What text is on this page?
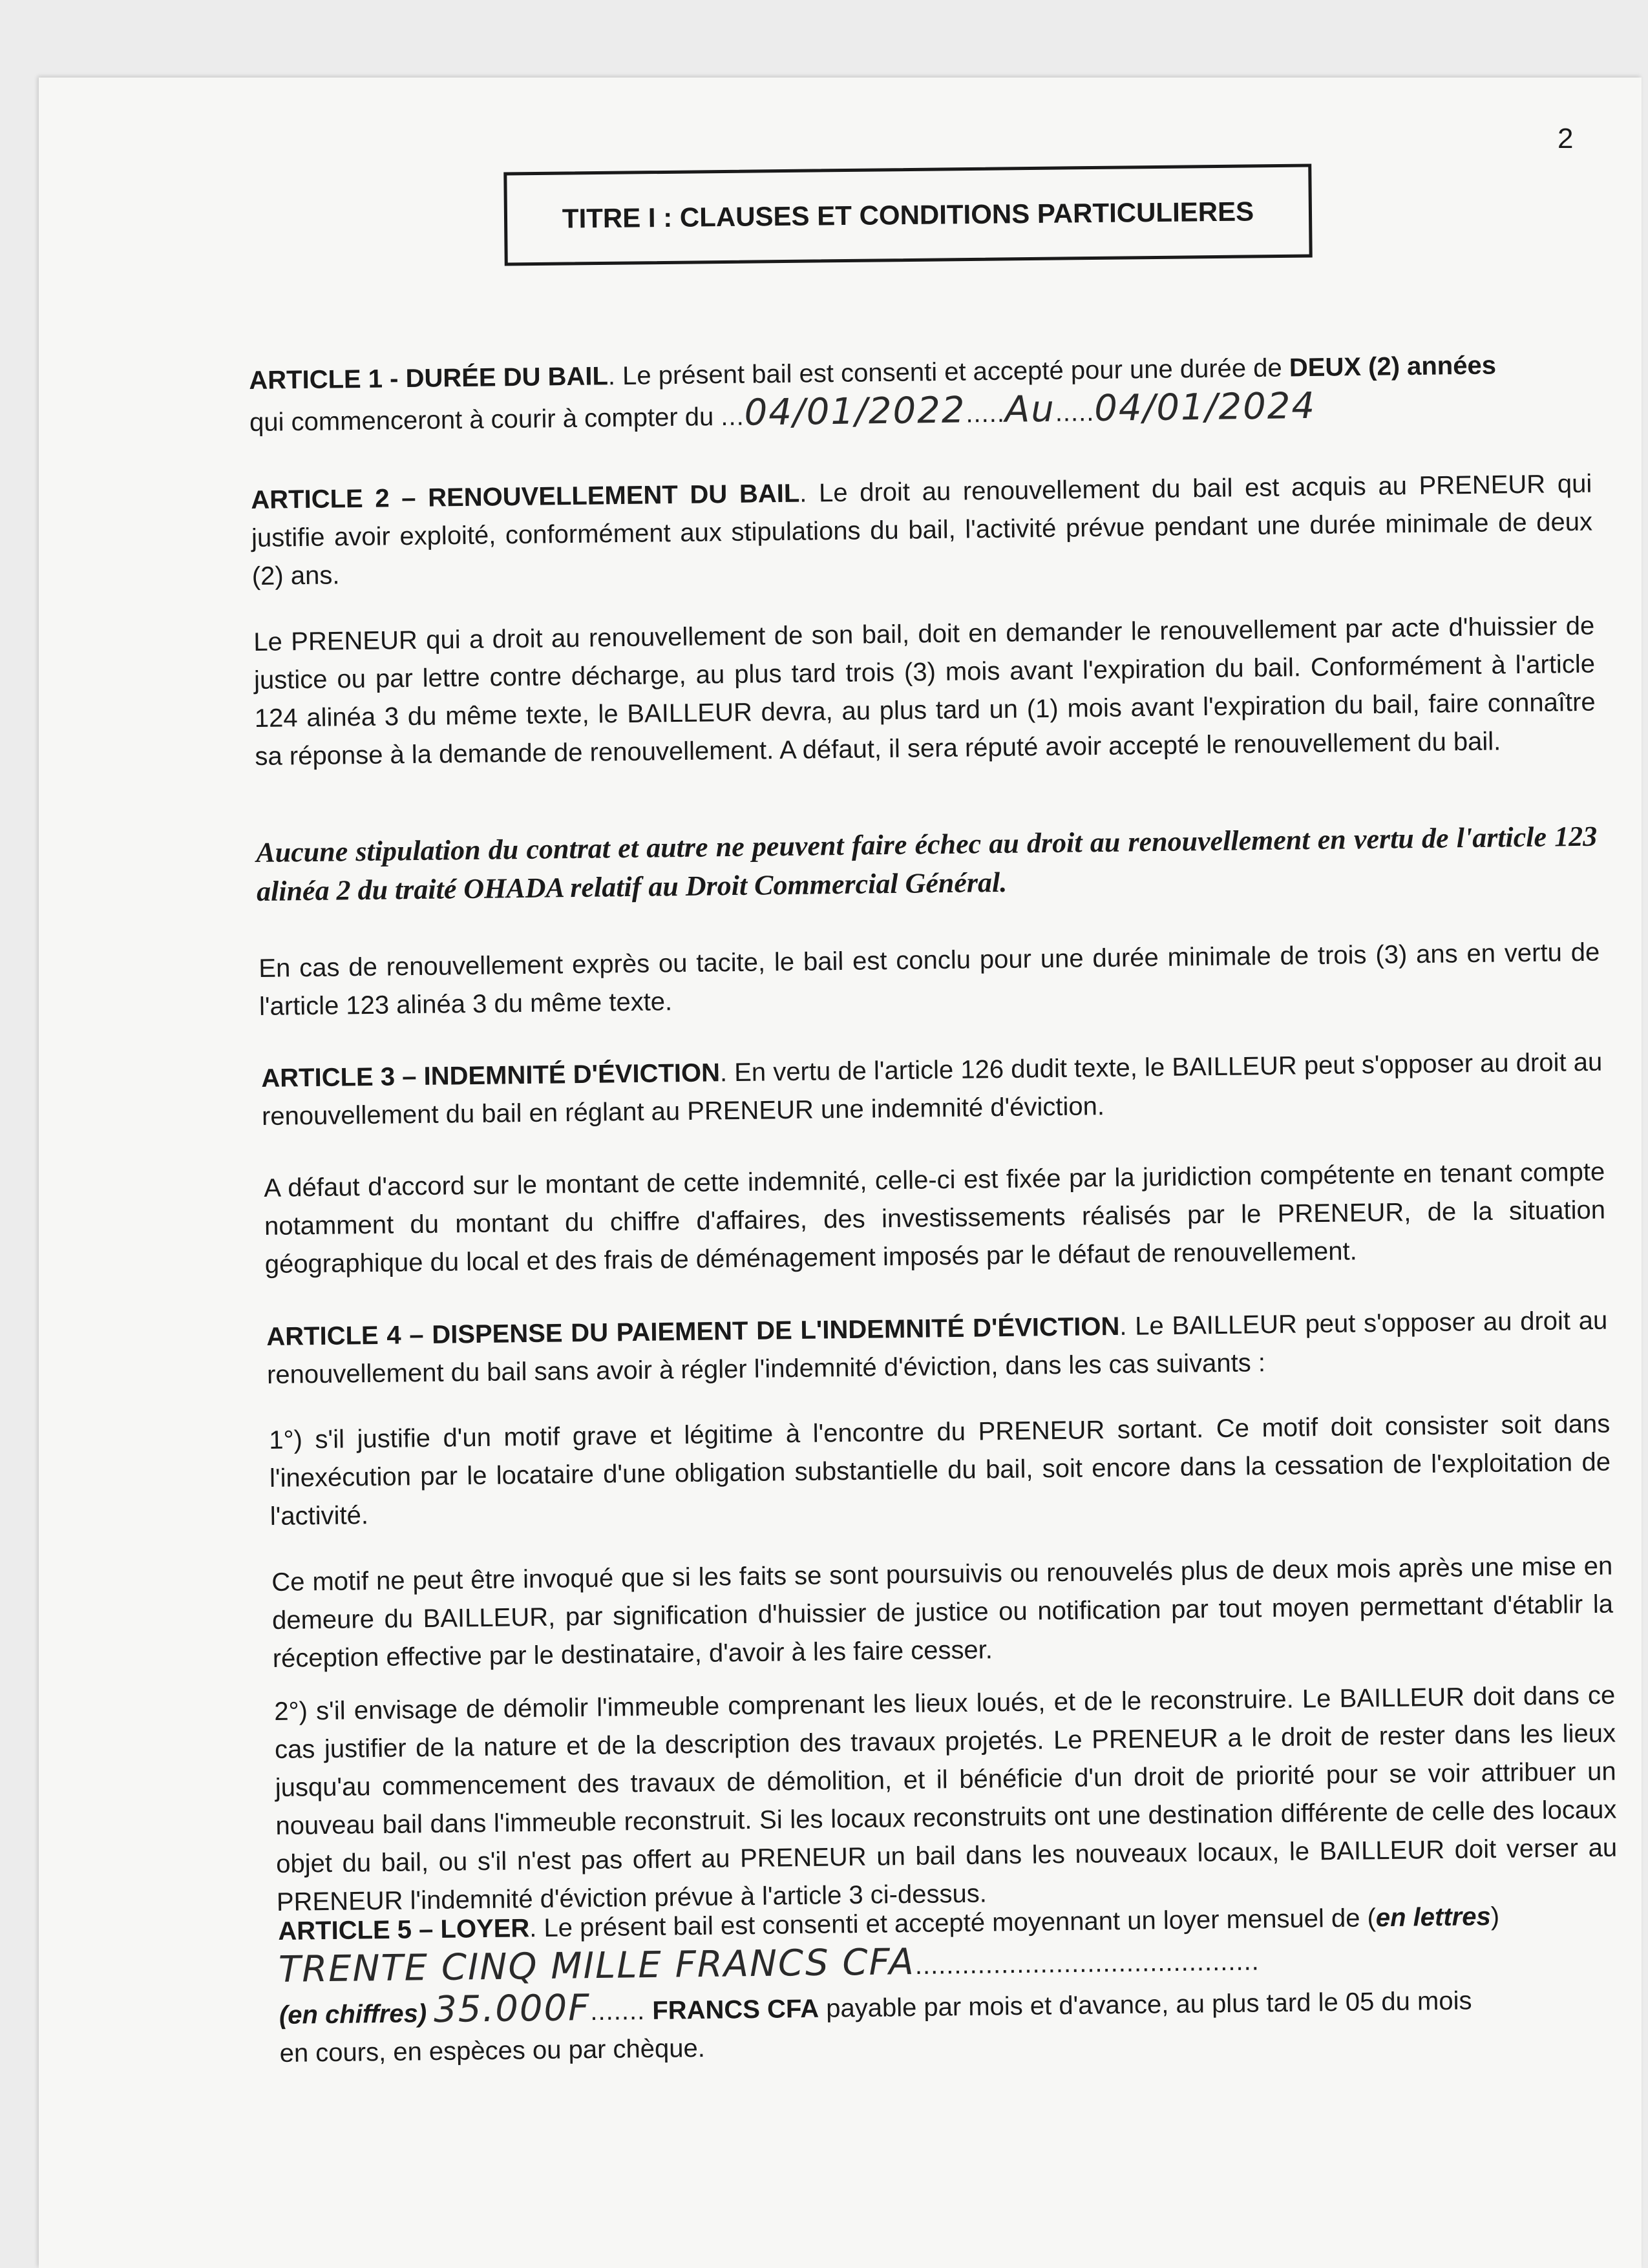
2
TITRE I : CLAUSES ET CONDITIONS PARTICULIERES
ARTICLE 1 - DURÉE DU BAIL. Le présent bail est consenti et accepté pour une durée de DEUX (2) années
qui commenceront à courir à compter du ...04/01/2022.....Au.....04/01/2024
ARTICLE 2 – RENOUVELLEMENT DU BAIL. Le droit au renouvellement du bail est acquis au PRENEUR qui justifie avoir exploité, conformément aux stipulations du bail, l'activité prévue pendant une durée minimale de deux (2) ans.
Le PRENEUR qui a droit au renouvellement de son bail, doit en demander le renouvellement par acte d'huissier de justice ou par lettre contre décharge, au plus tard trois (3) mois avant l'expiration du bail. Conformément à l'article 124 alinéa 3 du même texte, le BAILLEUR devra, au plus tard un (1) mois avant l'expiration du bail, faire connaître sa réponse à la demande de renouvellement. A défaut, il sera réputé avoir accepté le renouvellement du bail.
Aucune stipulation du contrat et autre ne peuvent faire échec au droit au renouvellement en vertu de l'article 123 alinéa 2 du traité OHADA relatif au Droit Commercial Général.
En cas de renouvellement exprès ou tacite, le bail est conclu pour une durée minimale de trois (3) ans en vertu de l'article 123 alinéa 3 du même texte.
ARTICLE 3 – INDEMNITÉ D'ÉVICTION. En vertu de l'article 126 dudit texte, le BAILLEUR peut s'opposer au droit au renouvellement du bail en réglant au PRENEUR une indemnité d'éviction.
A défaut d'accord sur le montant de cette indemnité, celle-ci est fixée par la juridiction compétente en tenant compte notamment du montant du chiffre d'affaires, des investissements réalisés par le PRENEUR, de la situation géographique du local et des frais de déménagement imposés par le défaut de renouvellement.
ARTICLE 4 – DISPENSE DU PAIEMENT DE L'INDEMNITÉ D'ÉVICTION. Le BAILLEUR peut s'opposer au droit au renouvellement du bail sans avoir à régler l'indemnité d'éviction, dans les cas suivants :
1°) s'il justifie d'un motif grave et légitime à l'encontre du PRENEUR sortant. Ce motif doit consister soit dans l'inexécution par le locataire d'une obligation substantielle du bail, soit encore dans la cessation de l'exploitation de l'activité.
Ce motif ne peut être invoqué que si les faits se sont poursuivis ou renouvelés plus de deux mois après une mise en demeure du BAILLEUR, par signification d'huissier de justice ou notification par tout moyen permettant d'établir la réception effective par le destinataire, d'avoir à les faire cesser.
2°) s'il envisage de démolir l'immeuble comprenant les lieux loués, et de le reconstruire. Le BAILLEUR doit dans ce cas justifier de la nature et de la description des travaux projetés. Le PRENEUR a le droit de rester dans les lieux jusqu'au commencement des travaux de démolition, et il bénéficie d'un droit de priorité pour se voir attribuer un nouveau bail dans l'immeuble reconstruit. Si les locaux reconstruits ont une destination différente de celle des locaux objet du bail, ou s'il n'est pas offert au PRENEUR un bail dans les nouveaux locaux, le BAILLEUR doit verser au PRENEUR l'indemnité d'éviction prévue à l'article 3 ci-dessus.
ARTICLE 5 – LOYER. Le présent bail est consenti et accepté moyennant un loyer mensuel de (en lettres)
TRENTE CINQ MILLE FRANCS CFA............................................
(en chiffres) 35.000F....... FRANCS CFA payable par mois et d'avance, au plus tard le 05 du mois
en cours, en espèces ou par chèque.
